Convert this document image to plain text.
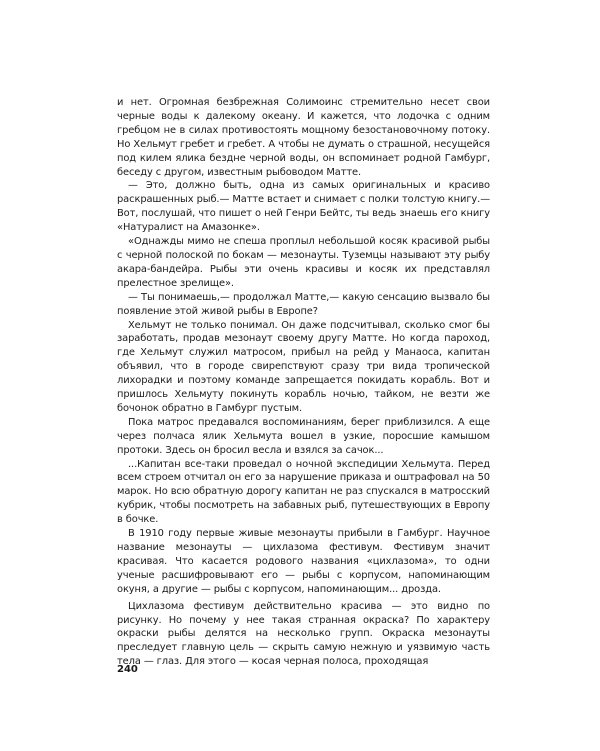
и нет. Огромная безбрежная Солимоинс стремительно несет свои черные воды к далекому океану. И кажется, что лодочка с одним гребцом не в силах противостоять мощному безостановочному потоку. Но Хельмут гребет и гребет. А чтобы не думать о страшной, несущейся под килем ялика бездне черной воды, он вспоминает родной Гамбург, беседу с другом, известным рыбоводом Матте.

— Это, должно быть, одна из самых оригинальных и красиво раскрашенных рыб.— Матте встает и снимает с полки толстую книгу.— Вот, послушай, что пишет о ней Генри Бейтс, ты ведь знаешь его книгу «Натуралист на Амазонке».

«Однажды мимо не спеша проплыл небольшой косяк красивой рыбы с черной полоской по бокам — мезонауты. Туземцы называют эту рыбу акара-бандейра. Рыбы эти очень красивы и косяк их представлял прелестное зрелище».

— Ты понимаешь,— продолжал Матте,— какую сенсацию вызвало бы появление этой живой рыбы в Европе?

Хельмут не только понимал. Он даже подсчитывал, сколько смог бы заработать, продав мезонаут своему другу Матте. Но когда пароход, где Хельмут служил матросом, прибыл на рейд у Манаоса, капитан объявил, что в городе свирепствуют сразу три вида тропической лихорадки и поэтому команде запрещается покидать корабль. Вот и пришлось Хельмуту покинуть корабль ночью, тайком, не везти же бочонок обратно в Гамбург пустым.

Пока матрос предавался воспоминаниям, берег приблизился. А еще через полчаса ялик Хельмута вошел в узкие, поросшие камышом протоки. Здесь он бросил весла и взялся за сачок...

...Капитан все-таки проведал о ночной экспедиции Хельмута. Перед всем строем отчитал он его за нарушение приказа и оштрафовал на 50 марок. Но всю обратную дорогу капитан не раз спускался в матросский кубрик, чтобы посмотреть на забавных рыб, путешествующих в Европу в бочке.

В 1910 году первые живые мезонауты прибыли в Гамбург. Научное название мезонауты — цихлазома фестивум. Фестивум значит красивая. Что касается родового названия «цихлазома», то одни ученые расшифровывают его — рыбы с корпусом, напоминающим окуня, а другие — рыбы с корпусом, напоминающим... дрозда.

Цихлазома фестивум действительно красива — это видно по рисунку. Но почему у нее такая странная окраска? По характеру окраски рыбы делятся на несколько групп. Окраска мезонауты преследует главную цель — скрыть самую нежную и уязвимую часть тела — глаз. Для этого — косая черная полоса, проходящая

240
